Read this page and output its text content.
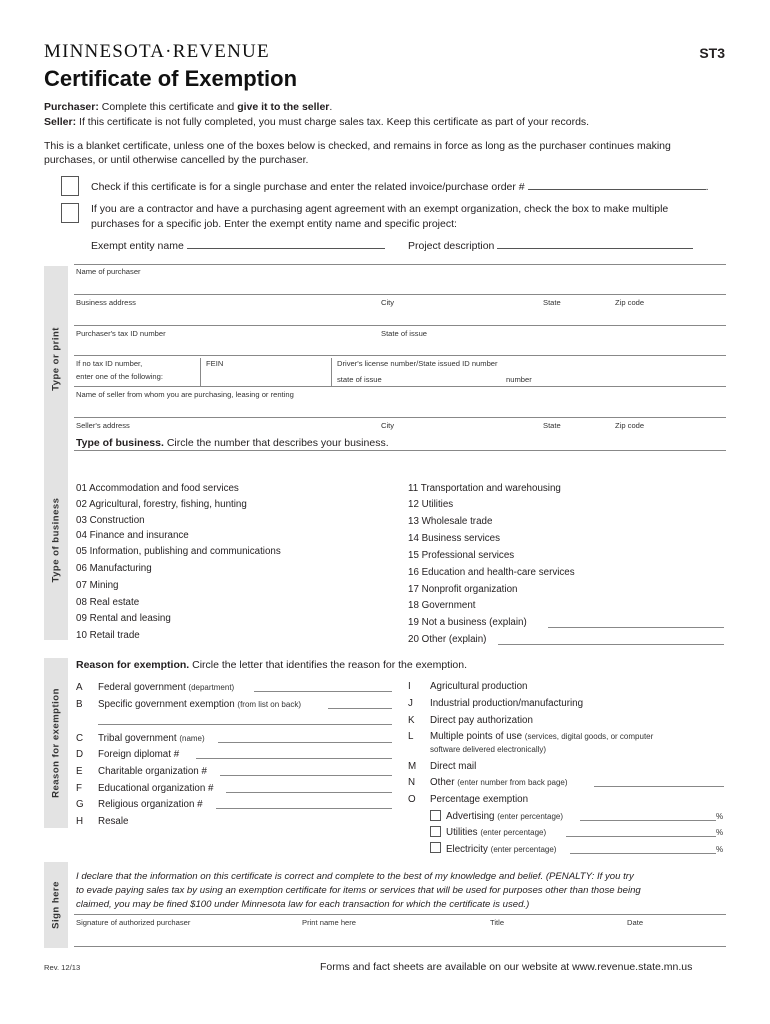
MINNESOTA·REVENUE	ST3
Certificate of Exemption
Purchaser: Complete this certificate and give it to the seller.
Seller: If this certificate is not fully completed, you must charge sales tax. Keep this certificate as part of your records.
This is a blanket certificate, unless one of the boxes below is checked, and remains in force as long as the purchaser continues making
purchases, or until otherwise cancelled by the purchaser.
Check if this certificate is for a single purchase and enter the related invoice/purchase order #	.
If you are a contractor and have a purchasing agent agreement with an exempt organization, check the box to make multiple
purchases for a specific job. Enter the exempt entity name and specific project:
Exempt entity name	Project description
Type or print
Name of purchaser
Business address	City	State	Zip code
Purchaser's tax ID number	State of issue
If no tax ID number,
enter one of the following:
FEIN	Driver's license number/State issued ID number
state of issue	number
Name of seller from whom you are purchasing, leasing or renting
Seller's address	City	State	Zip code
Type of business
Type of business. Circle the number that describes your business.
01 Accommodation and food services
02 Agricultural, forestry, fishing, hunting
03 Construction
04 Finance and insurance
05 Information, publishing and communications
06 Manufacturing
07 Mining
08 Real estate
09 Rental and leasing
10 Retail trade
11 Transportation and warehousing
12 Utilities
13 Wholesale trade
14 Business services
15 Professional services
16 Education and health-care services
17 Nonprofit organization
18 Government
19 Not a business (explain)
20 Other (explain)
Reason for exemption
Reason for exemption. Circle the letter that identifies the reason for the exemption.
A Federal government (department)
B Specific government exemption (from list on back)
C Tribal government (name)
D Foreign diplomat #
E Charitable organization #
F Educational organization #
G Religious organization #
H Resale
I Agricultural production
J Industrial production/manufacturing
K Direct pay authorization
L Multiple points of use (services, digital goods, or computer
software delivered electronically)
M Direct mail
N Other (enter number from back page)
O Percentage exemption
Advertising (enter percentage)	%
Utilities (enter percentage)	%
Electricity (enter percentage)	%
Sign here
I declare that the information on this certificate is correct and complete to the best of my knowledge and belief. (PENALTY: If you try
to evade paying sales tax by using an exemption certificate for items or services that will be used for purposes other than those being
claimed, you may be fined $100 under Minnesota law for each transaction for which the certificate is used.)
Signature of authorized purchaser	Print name here	Title	Date
Rev. 12/13	Forms and fact sheets are available on our website at www.revenue.state.mn.us
